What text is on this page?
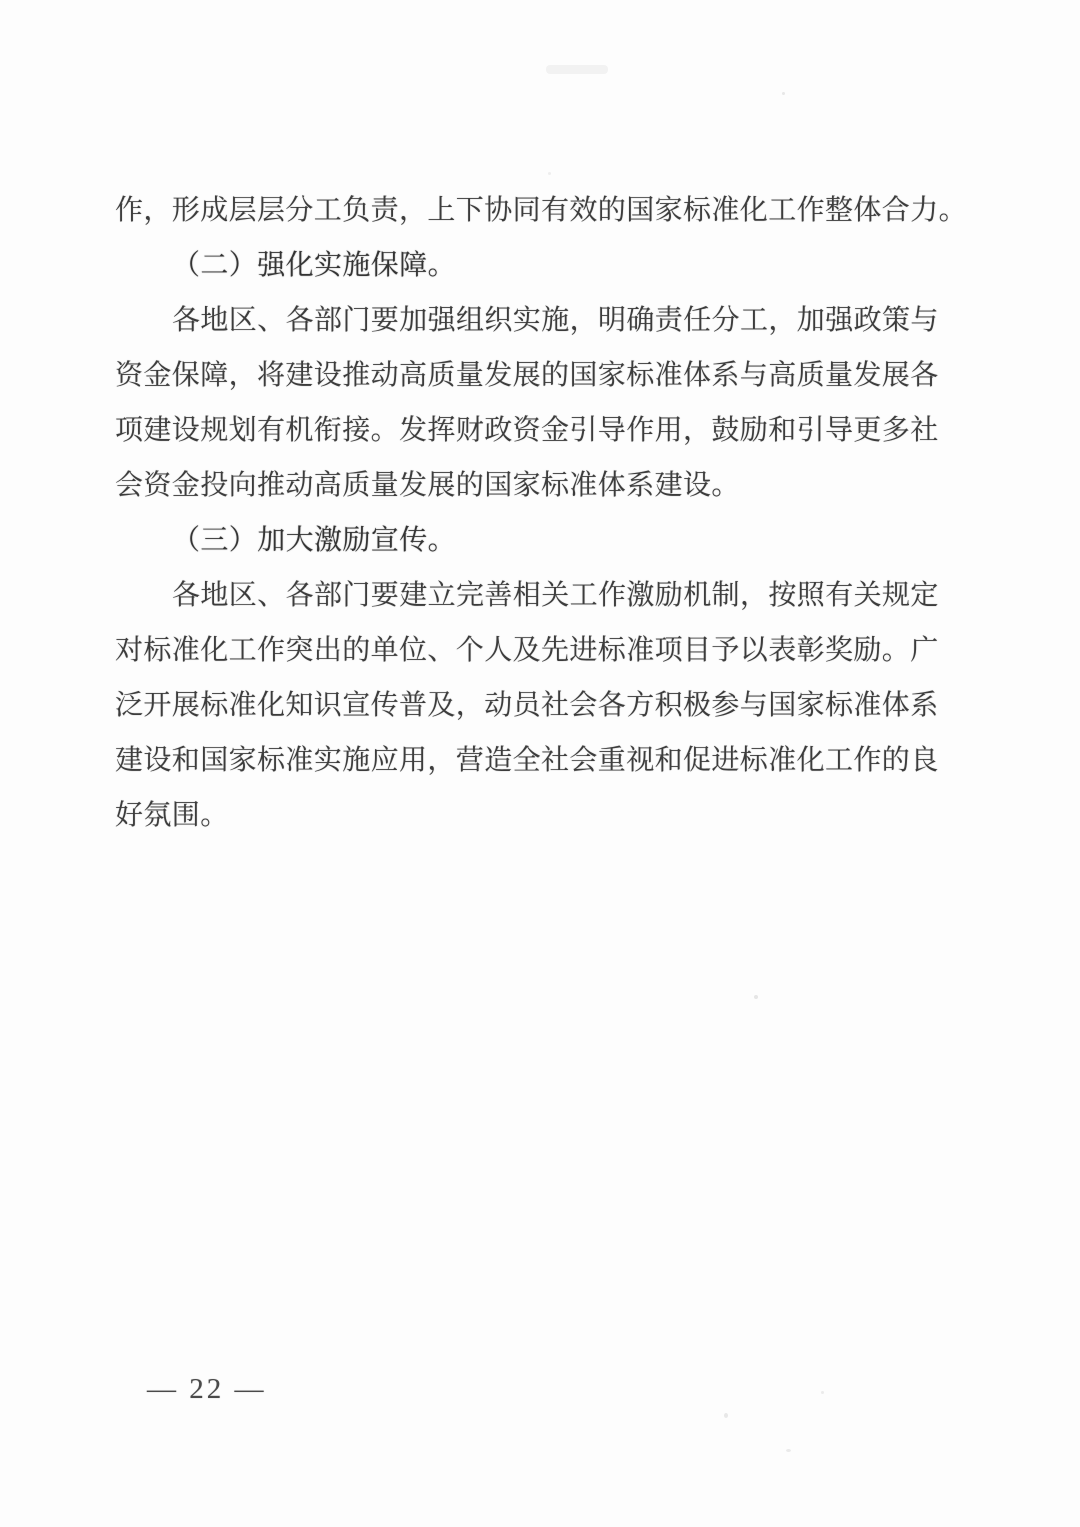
作，形成层层分工负责，上下协同有效的国家标准化工作整体合力。

（二）强化实施保障。

各地区、各部门要加强组织实施，明确责任分工，加强政策与

资金保障，将建设推动高质量发展的国家标准体系与高质量发展各

项建设规划有机衔接。发挥财政资金引导作用，鼓励和引导更多社

会资金投向推动高质量发展的国家标准体系建设。

（三）加大激励宣传。

各地区、各部门要建立完善相关工作激励机制，按照有关规定

对标准化工作突出的单位、个人及先进标准项目予以表彰奖励。广

泛开展标准化知识宣传普及，动员社会各方积极参与国家标准体系

建设和国家标准实施应用，营造全社会重视和促进标准化工作的良

好氛围。

— 22 —
